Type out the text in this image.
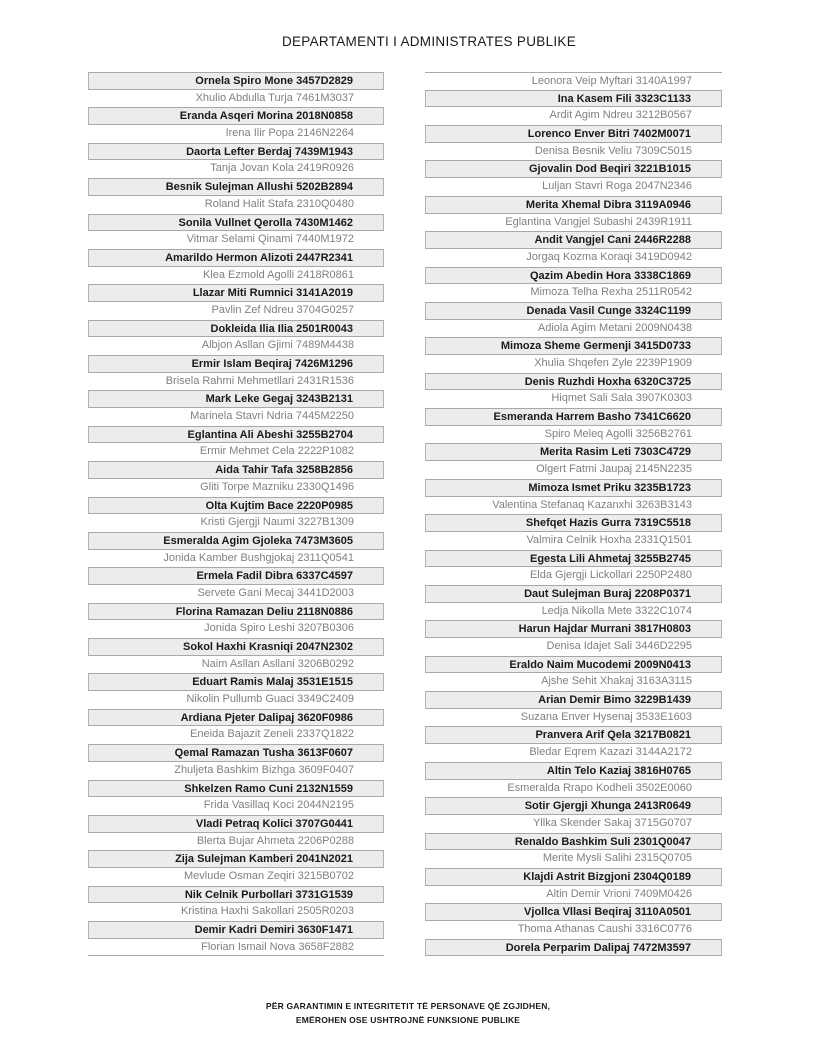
DEPARTAMENTI I ADMINISTRATES PUBLIKE
Ornela Spiro Mone 3457D2829
Xhulio Abdulla Turja 7461M3037
Eranda Asqeri Morina 2018N0858
Irena Ilir Popa 2146N2264
Daorta Lefter Berdaj 7439M1943
Tanja Jovan Kola 2419R0926
Besnik Sulejman Allushi 5202B2894
Roland Halit Stafa 2310Q0480
Sonila Vullnet Qerolla 7430M1462
Vitmar Selami Qinami 7440M1972
Amarildo Hermon Alizoti 2447R2341
Klea Ezmold Agolli 2418R0861
Llazar Miti Rumnici 3141A2019
Pavlin Zef Ndreu 3704G0257
Dokleida Ilia Ilia 2501R0043
Albjon Asllan Gjimi 7489M4438
Ermir Islam Beqiraj 7426M1296
Brisela Rahmi Mehmetllari 2431R1536
Mark Leke Gegaj 3243B2131
Marinela Stavri Ndria 7445M2250
Eglantina Ali Abeshi 3255B2704
Ermir Mehmet Cela 2222P1082
Aida Tahir Tafa 3258B2856
Gliti Torpe Mazniku 2330Q1496
Olta Kujtim Bace 2220P0985
Kristi Gjergji Naumi 3227B1309
Esmeralda Agim Gjoleka 7473M3605
Jonida Kamber Bushgjokaj 2311Q0541
Ermela Fadil Dibra 6337C4597
Servete Gani Mecaj 3441D2003
Florina Ramazan Deliu 2118N0886
Jonida Spiro Leshi 3207B0306
Sokol Haxhi Krasniqi 2047N2302
Naim Asllan Asllani 3206B0292
Eduart Ramis Malaj 3531E1515
Nikolin Pullumb Guaci 3349C2409
Ardiana Pjeter Dalipaj 3620F0986
Eneida Bajazit Zeneli 2337Q1822
Qemal Ramazan Tusha 3613F0607
Zhuljeta Bashkim Bizhga 3609F0407
Shkelzen Ramo Cuni 2132N1559
Frida Vasillaq Koci 2044N2195
Vladi Petraq Kolici 3707G0441
Blerta Bujar Ahmeta 2206P0288
Zija Sulejman Kamberi 2041N2021
Mevlude Osman Zeqiri 3215B0702
Nik Celnik Purbollari 3731G1539
Kristina Haxhi Sakollari 2505R0203
Demir Kadri Demiri 3630F1471
Florian Ismail Nova 3658F2882
Leonora Veip Myftari 3140A1997
Ina Kasem Fili 3323C1133
Ardit Agim Ndreu 3212B0567
Lorenco Enver Bitri 7402M0071
Denisa Besnik Veliu 7309C5015
Gjovalin Dod Beqiri 3221B1015
Luljan Stavri Roga 2047N2346
Merita Xhemal Dibra 3119A0946
Eglantina Vangjel Subashi 2439R1911
Andit Vangjel Cani 2446R2288
Jorgaq Kozma Koraqi 3419D0942
Qazim Abedin Hora 3338C1869
Mimoza Telha Rexha 2511R0542
Denada Vasil Cunge 3324C1199
Adiola Agim Metani 2009N0438
Mimoza Sheme Germenji 3415D0733
Xhulia Shqefen Zyle 2239P1909
Denis Ruzhdi Hoxha 6320C3725
Hiqmet Sali Sala 3907K0303
Esmeranda Harrem Basho 7341C6620
Spiro Meleq Agolli 3256B2761
Merita Rasim Leti 7303C4729
Olgert Fatmi Jaupaj 2145N2235
Mimoza Ismet Priku 3235B1723
Valentina Stefanaq Kazanxhi 3263B3143
Shefqet Hazis Gurra 7319C5518
Valmira Celnik Hoxha 2331Q1501
Egesta Lili Ahmetaj 3255B2745
Elda Gjergji Lickollari 2250P2480
Daut Sulejman Buraj 2208P0371
Ledja Nikolla Mete 3322C1074
Harun Hajdar Murrani 3817H0803
Denisa Idajet Sali 3446D2295
Eraldo Naim Mucodemi 2009N0413
Ajshe Sehit Xhakaj 3163A3115
Arian Demir Bimo 3229B1439
Suzana Enver Hysenaj 3533E1603
Pranvera Arif Qela 3217B0821
Bledar Eqrem Kazazi 3144A2172
Altin Telo Kaziaj 3816H0765
Esmeralda Rrapo Kodheli 3502E0060
Sotir Gjergji Xhunga 2413R0649
Yllka Skender Sakaj 3715G0707
Renaldo Bashkim Suli 2301Q0047
Merite Mysli Salihi 2315Q0705
Klajdi Astrit Bizgjoni 2304Q0189
Altin Demir Vrioni 7409M0426
Vjollca Vllasi Beqiraj 3110A0501
Thoma Athanas Caushi 3316C0776
Dorela Perparim Dalipaj 7472M3597
PËR GARANTIMIN E INTEGRITETIT TË PERSONAVE QË ZGJIDHEN,
EMËROHEN OSE USHTROJNË FUNKSIONE PUBLIKE
